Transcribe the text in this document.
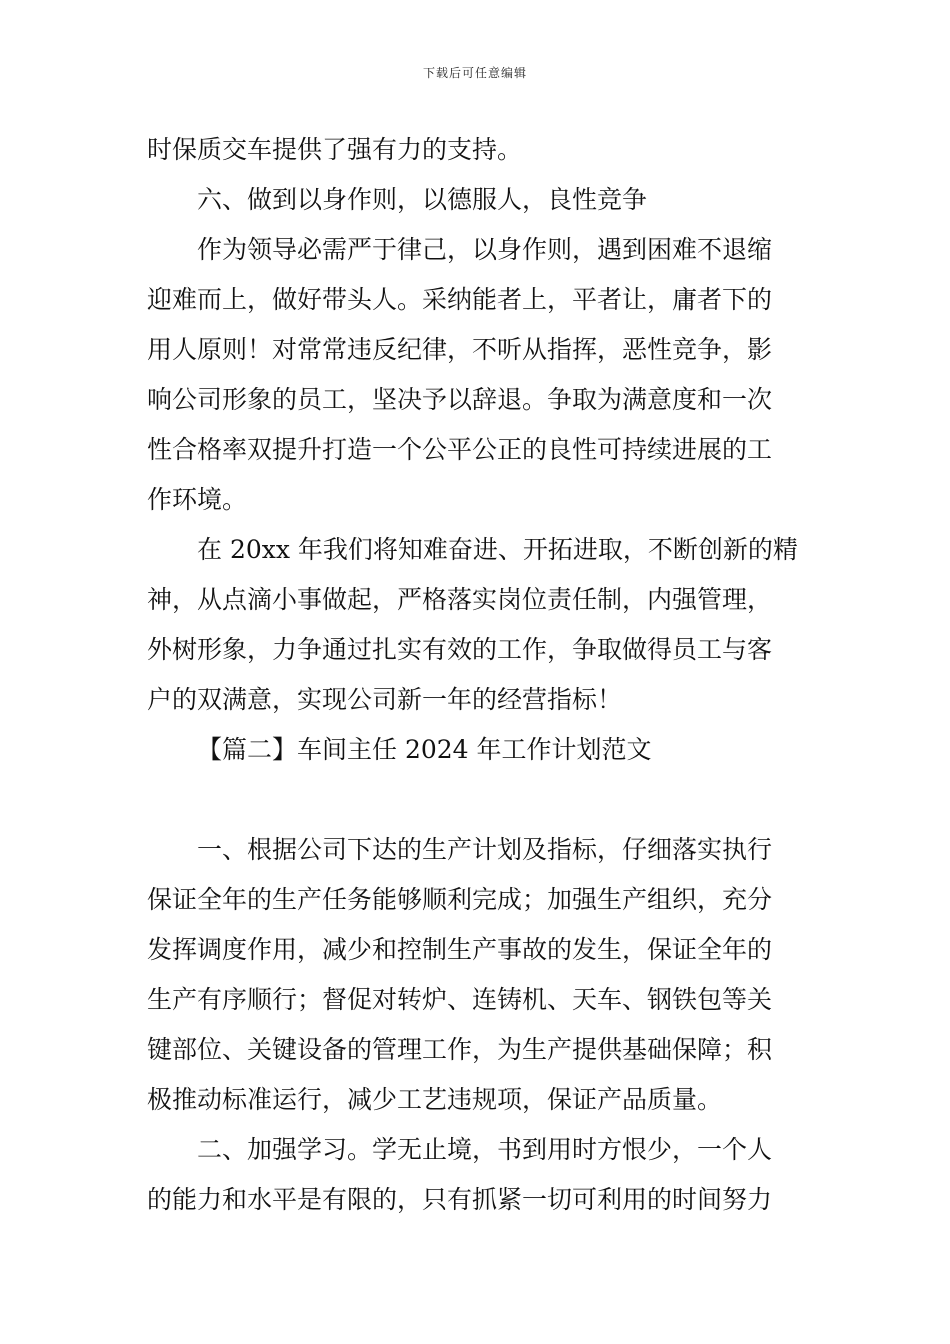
下载后可任意编辑
时保质交车提供了强有力的支持。
六、做到以身作则，以德服人，良性竞争
作为领导必需严于律己，以身作则，遇到困难不退缩
迎难而上，做好带头人。采纳能者上，平者让，庸者下的
用人原则！对常常违反纪律，不听从指挥，恶性竞争，影
响公司形象的员工，坚决予以辞退。争取为满意度和一次
性合格率双提升打造一个公平公正的良性可持续进展的工
作环境。
在 20xx 年我们将知难奋进、开拓进取，不断创新的精
神，从点滴小事做起，严格落实岗位责任制，内强管理，
外树形象，力争通过扎实有效的工作，争取做得员工与客
户的双满意，实现公司新一年的经营指标！
【篇二】车间主任 2024 年工作计划范文
一、根据公司下达的生产计划及指标，仔细落实执行
保证全年的生产任务能够顺利完成；加强生产组织，充分
发挥调度作用，减少和控制生产事故的发生，保证全年的
生产有序顺行；督促对转炉、连铸机、天车、钢铁包等关
键部位、关键设备的管理工作，为生产提供基础保障；积
极推动标准运行，减少工艺违规项，保证产品质量。
二、加强学习。学无止境，书到用时方恨少，一个人
的能力和水平是有限的，只有抓紧一切可利用的时间努力
